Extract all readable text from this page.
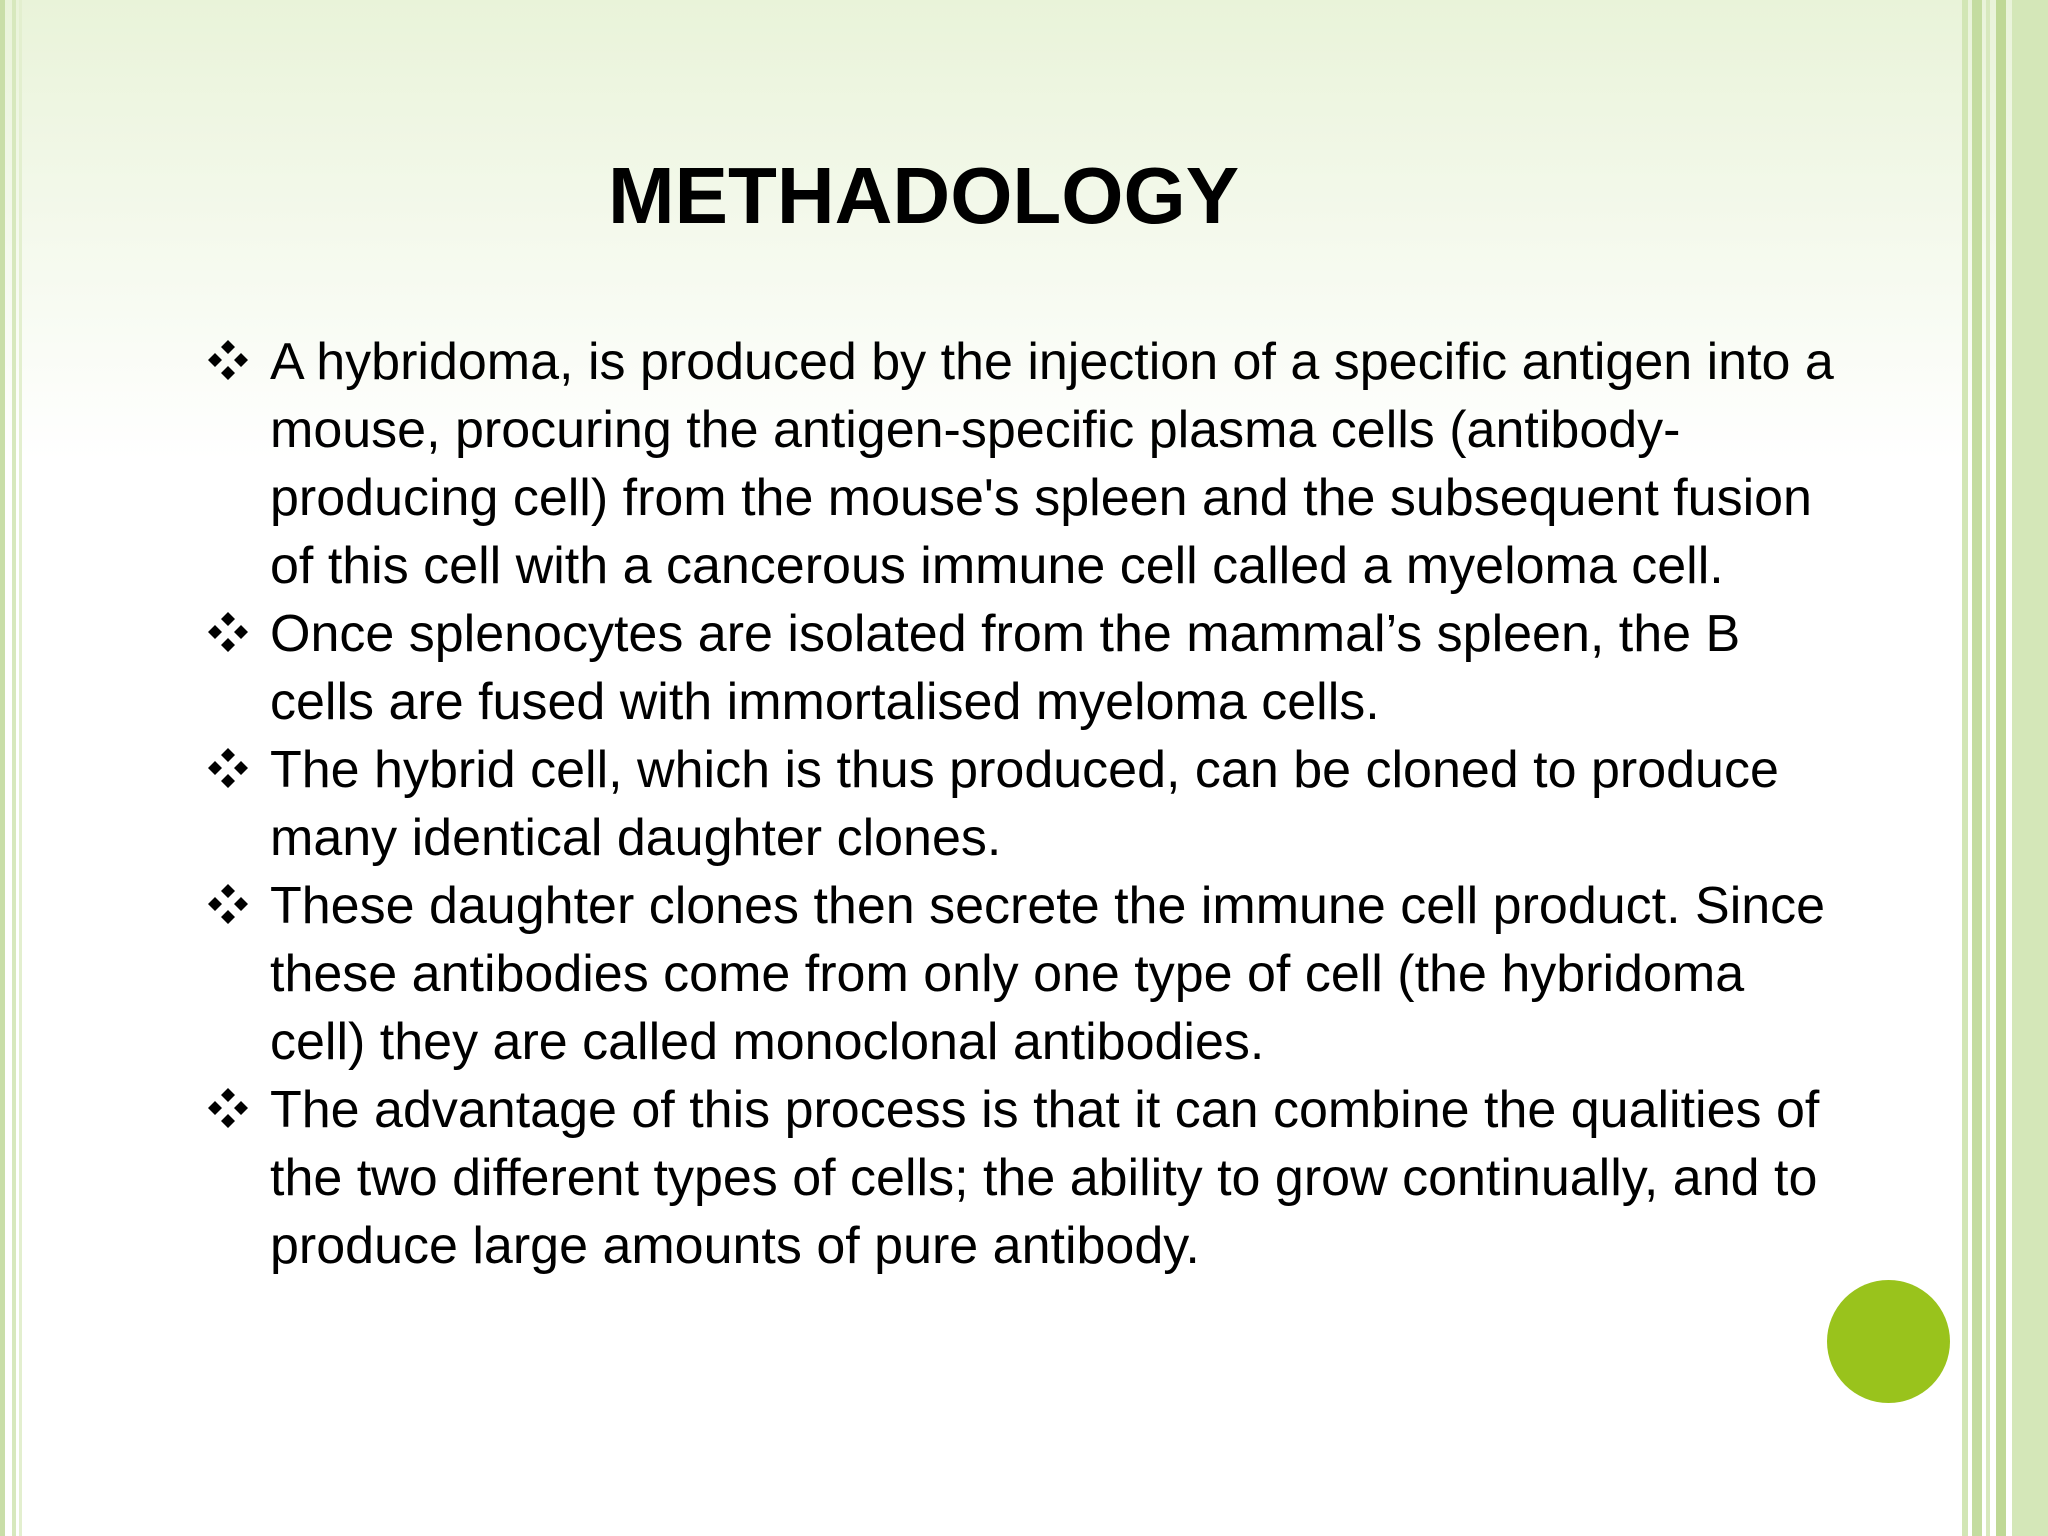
METHADOLOGY
A hybridoma, is produced by the injection of a specific antigen into a mouse, procuring the antigen-specific plasma cells (antibody-producing cell) from the mouse's spleen and the subsequent fusion of this cell with a cancerous immune cell called a myeloma cell.
Once splenocytes are isolated from the mammal’s spleen, the B cells are fused with immortalised myeloma cells.
The hybrid cell, which is thus produced, can be cloned to produce many identical daughter clones.
These daughter clones then secrete the immune cell product. Since these antibodies come from only one type of cell (the hybridoma cell) they are called monoclonal antibodies.
The advantage of this process is that it can combine the qualities of the two different types of cells; the ability to grow continually, and to produce large amounts of pure antibody.
